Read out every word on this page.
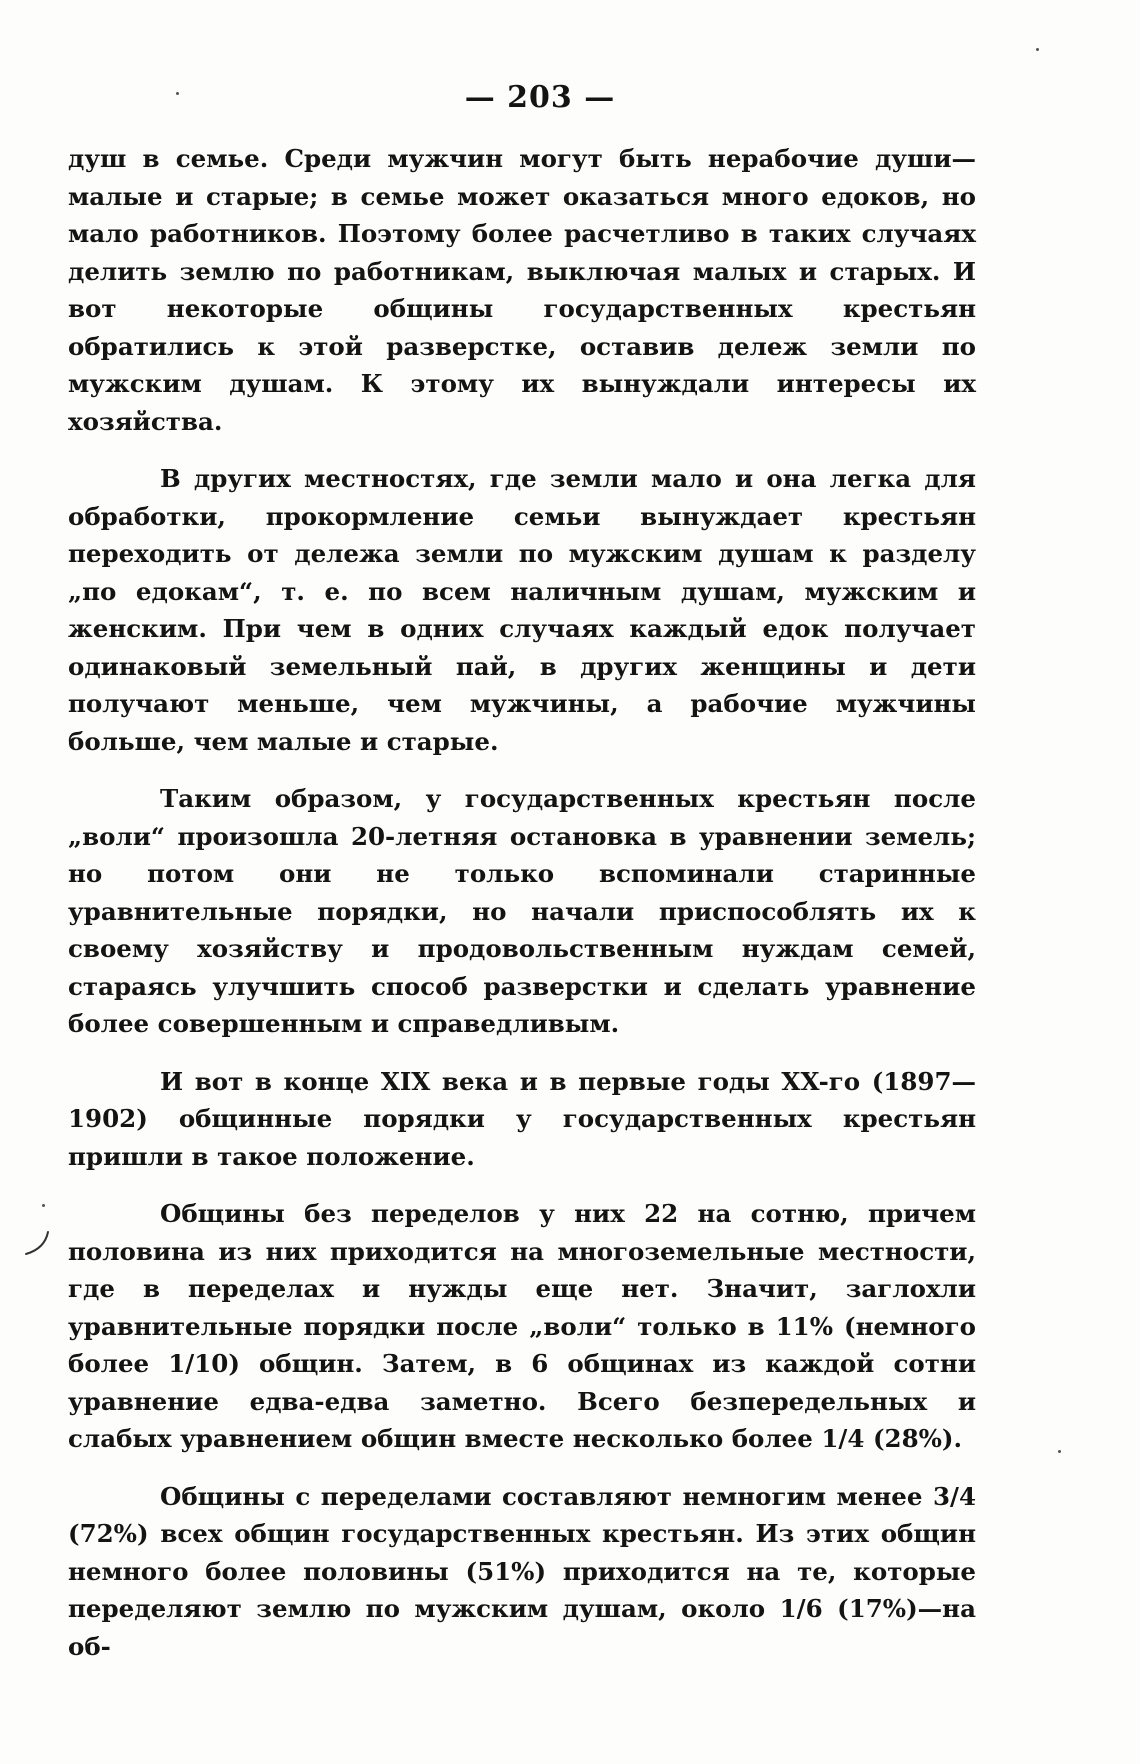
— 203 —

душ в семье. Среди мужчин могут быть нерабочие души—малые и старые; в семье может оказаться много едоков, но мало работников. Поэтому более расчетливо в таких случаях делить землю по работникам, выключая малых и старых. И вот некоторые общины государственных крестьян обратились к этой разверстке, оставив дележ земли по мужским душам. К этому их вынуждали интересы их хозяйства.

В других местностях, где земли мало и она легка для обработки, прокормление семьи вынуждает крестьян переходить от дележа земли по мужским душам к разделу „по едокам“, т. е. по всем наличным душам, мужским и женским. При чем в одних случаях каждый едок получает одинаковый земельный пай, в других женщины и дети получают меньше, чем мужчины, а рабочие мужчины больше, чем малые и старые.

Таким образом, у государственных крестьян после „воли“ произошла 20-летняя остановка в уравнении земель; но потом они не только вспоминали старинные уравнительные порядки, но начали приспособлять их к своему хозяйству и продовольственным нуждам семей, стараясь улучшить способ разверстки и сделать уравнение более совершенным и справедливым.

И вот в конце XIX века и в первые годы XX-го (1897—1902) общинные порядки у государственных крестьян пришли в такое положение.

Общины без переделов у них 22 на сотню, причем половина из них приходится на многоземельные местности, где в переделах и нужды еще нет. Значит, заглохли уравнительные порядки после „воли“ только в 11% (немного более 1/10) общин. Затем, в 6 общинах из каждой сотни уравнение едва-едва заметно. Всего безпередельных и слабых уравнением общин вместе несколько более 1/4 (28%).

Общины с переделами составляют немногим менее 3/4 (72%) всех общин государственных крестьян. Из этих общин немного более половины (51%) приходится на те, которые переделяют землю по мужским душам, около 1/6 (17%)—на об-
